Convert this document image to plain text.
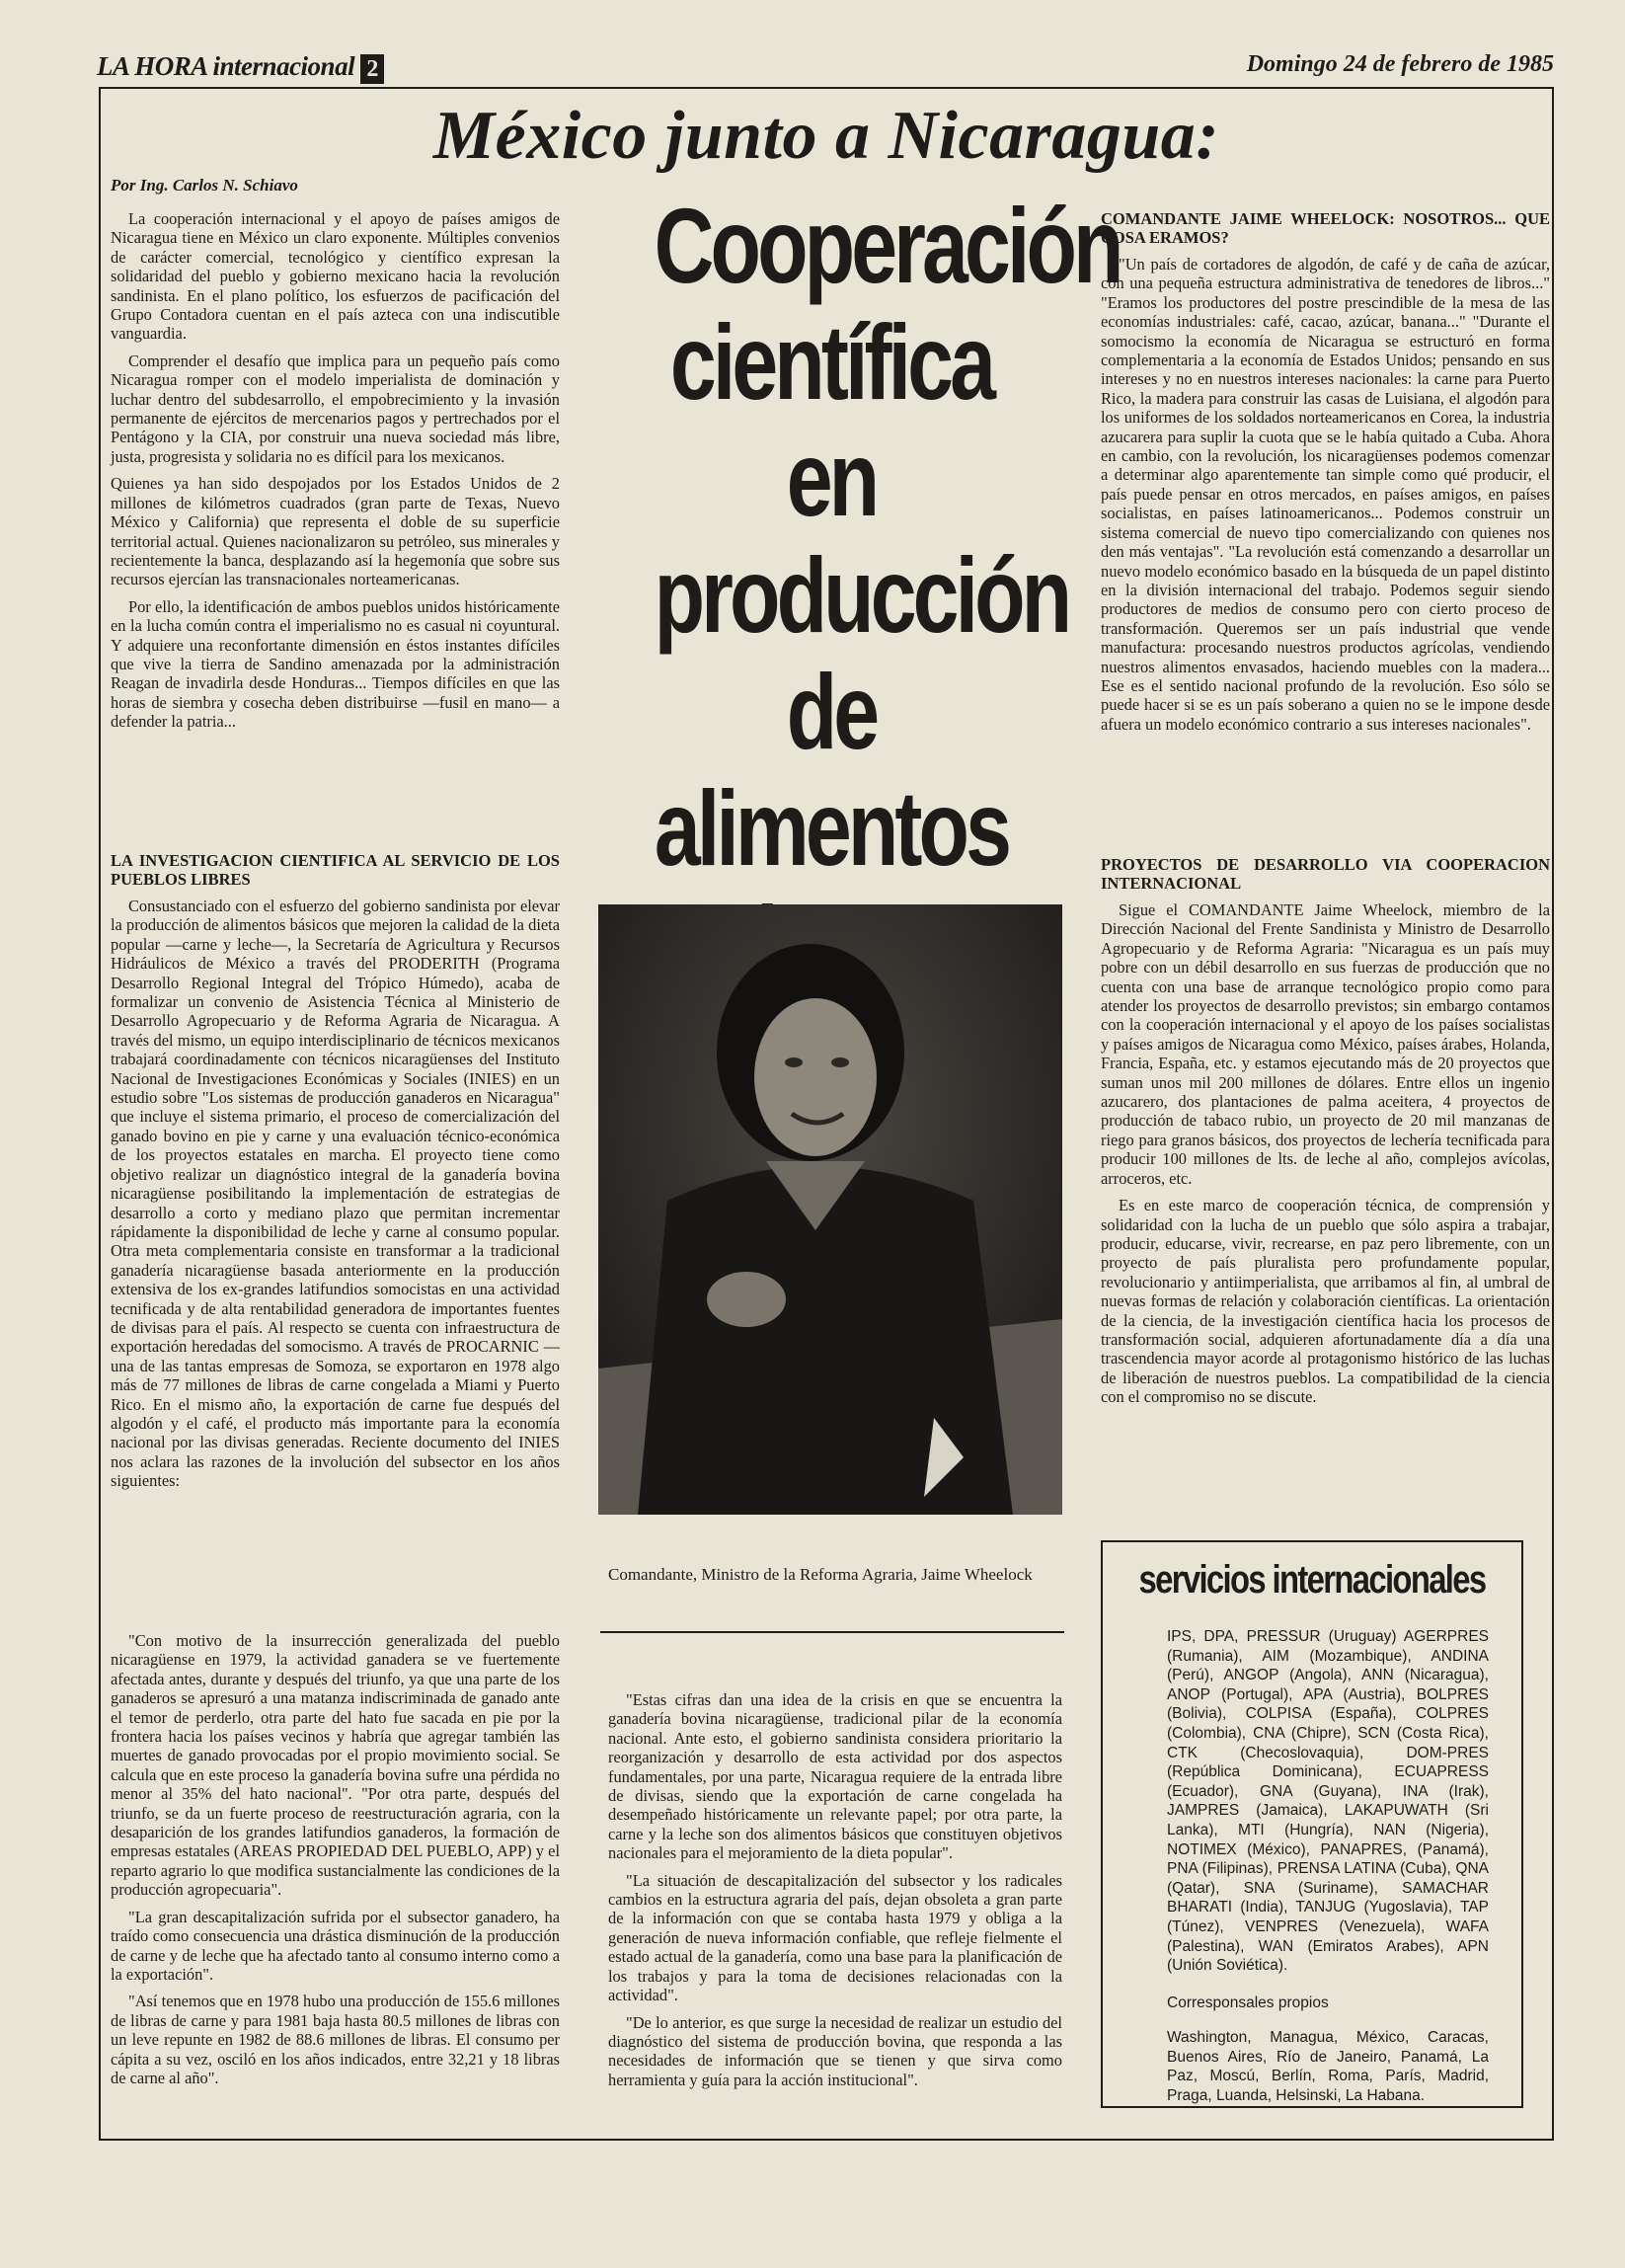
LA HORA internacional 2	Domingo 24 de febrero de 1985
México junto a Nicaragua:
Por Ing. Carlos N. Schiavo

La cooperación internacional y el apoyo de países amigos de Nicaragua tiene en México un claro exponente. Múltiples convenios de carácter comercial, tecnológico y científico expresan la solidaridad del pueblo y gobierno mexicano hacia la revolución sandinista. En el plano político, los esfuerzos de pacificación del Grupo Contadora cuentan en el país azteca con una indiscutible vanguardia.

Comprender el desafío que implica para un pequeño país como Nicaragua romper con el modelo imperialista de dominación y luchar dentro del subdesarrollo, el empobrecimiento y la invasión permanente de ejércitos de mercenarios pagos y pertrechados por el Pentágono y la CIA, por construir una nueva sociedad más libre, justa, progresista y solidaria no es difícil para los mexicanos.

Quienes ya han sido despojados por los Estados Unidos de 2 millones de kilómetros cuadrados (gran parte de Texas, Nuevo México y California) que representa el doble de su superficie territorial actual. Quienes nacionalizaron su petróleo, sus minerales y recientemente la banca, desplazando así la hegemonía que sobre sus recursos ejercían las transnacionales norteamericanas.

Por ello, la identificación de ambos pueblos unidos históricamente en la lucha común contra el imperialismo no es casual ni coyuntural. Y adquiere una reconfortante dimensión en éstos instantes difíciles que vive la tierra de Sandino amenazada por la administración Reagan de invadirla desde Honduras... Tiempos difíciles en que las horas de siembra y cosecha deben distribuirse —fusil en mano— a defender la patria...

LA INVESTIGACION CIENTIFICA AL SERVICIO DE LOS PUEBLOS LIBRES

Consustanciado con el esfuerzo del gobierno sandinista por elevar la producción de alimentos básicos que mejoren la calidad de la dieta popular —carne y leche—, la Secretaría de Agricultura y Recursos Hidráulicos de México a través del PRODERITH (Programa Desarrollo Regional Integral del Trópico Húmedo), acaba de formalizar un convenio de Asistencia Técnica al Ministerio de Desarrollo Agropecuario y de Reforma Agraria de Nicaragua. A través del mismo, un equipo interdisciplinario de técnicos mexicanos trabajará coordinadamente con técnicos nicaragüenses del Instituto Nacional de Investigaciones Económicas y Sociales (INIES) en un estudio sobre "Los sistemas de producción ganaderos en Nicaragua" que incluye el sistema primario, el proceso de comercialización del ganado bovino en pie y carne y una evaluación técnico-económica de los proyectos estatales en marcha. El proyecto tiene como objetivo realizar un diagnóstico integral de la ganadería bovina nicaragüense posibilitando la implementación de estrategias de desarrollo a corto y mediano plazo que permitan incrementar rápidamente la disponibilidad de leche y carne al consumo popular. Otra meta complementaria consiste en transformar a la tradicional ganadería nicaragüense basada anteriormente en la producción extensiva de los ex-grandes latifundios somocistas en una actividad tecnificada y de alta rentabilidad generadora de importantes fuentes de divisas para el país. Al respecto se cuenta con infraestructura de exportación heredadas del somocismo. A través de PROCARNIC —una de las tantas empresas de Somoza, se exportaron en 1978 algo más de 77 millones de libras de carne congelada a Miami y Puerto Rico. En el mismo año, la exportación de carne fue después del algodón y el café, el producto más importante para la economía nacional por las divisas generadas. Reciente documento del INIES nos aclara las razones de la involución del subsector en los años siguientes:

"Con motivo de la insurrección generalizada del pueblo nicaragüense en 1979, la actividad ganadera se ve fuertemente afectada antes, durante y después del triunfo, ya que una parte de los ganaderos se apresuró a una matanza indiscriminada de ganado ante el temor de perderlo, otra parte del hato fue sacada en pie por la frontera hacia los países vecinos y habría que agregar también las muertes de ganado provocadas por el propio movimiento social. Se calcula que en este proceso la ganadería bovina sufre una pérdida no menor al 35% del hato nacional". "Por otra parte, después del triunfo, se da un fuerte proceso de reestructuración agraria, con la desaparición de los grandes latifundios ganaderos, la formación de empresas estatales (AREAS PROPIEDAD DEL PUEBLO, APP) y el reparto agrario lo que modifica sustancialmente las condiciones de la producción agropecuaria".

"La gran descapitalización sufrida por el subsector ganadero, ha traído como consecuencia una drástica disminución de la producción de carne y de leche que ha afectado tanto al consumo interno como a la exportación".

"Así tenemos que en 1978 hubo una producción de 155.6 millones de libras de carne y para 1981 baja hasta 80.5 millones de libras con un leve repunte en 1982 de 88.6 millones de libras. El consumo per cápita a su vez, osciló en los años indicados, entre 32,21 y 18 libras de carne al año".

Cooperación
científica en
producción
de alimentos
Comandante, Ministro de la Reforma Agraria, Jaime Wheelock

"Estas cifras dan una idea de la crisis en que se encuentra la ganadería bovina nicaragüense, tradicional pilar de la economía nacional. Ante esto, el gobierno sandinista considera prioritario la reorganización y desarrollo de esta actividad por dos aspectos fundamentales, por una parte, Nicaragua requiere de la entrada libre de divisas, siendo que la exportación de carne congelada ha desempeñado históricamente un relevante papel; por otra parte, la carne y la leche son dos alimentos básicos que constituyen objetivos nacionales para el mejoramiento de la dieta popular".

"La situación de descapitalización del subsector y los radicales cambios en la estructura agraria del país, dejan obsoleta a gran parte de la información con que se contaba hasta 1979 y obliga a la generación de nueva información confiable, que refleje fielmente el estado actual de la ganadería, como una base para la planificación de los trabajos y para la toma de decisiones relacionadas con la actividad".

"De lo anterior, es que surge la necesidad de realizar un estudio del diagnóstico del sistema de producción bovina, que responda a las necesidades de información que se tienen y que sirva como herramienta y guía para la acción institucional".

COMANDANTE JAIME WHEELOCK: NOSOTROS... QUE COSA ERAMOS?

"Un país de cortadores de algodón, de café y de caña de azúcar, con una pequeña estructura administrativa de tenedores de libros..." "Eramos los productores del postre prescindible de la mesa de las economías industriales: café, cacao, azúcar, banana..." "Durante el somocismo la economía de Nicaragua se estructuró en forma complementaria a la economía de Estados Unidos; pensando en sus intereses y no en nuestros intereses nacionales: la carne para Puerto Rico, la madera para construir las casas de Luisiana, el algodón para los uniformes de los soldados norteamericanos en Corea, la industria azucarera para suplir la cuota que se le había quitado a Cuba. Ahora en cambio, con la revolución, los nicaragüenses podemos comenzar a determinar algo aparentemente tan simple como qué producir, el país puede pensar en otros mercados, en países amigos, en países socialistas, en países latinoamericanos... Podemos construir un sistema comercial de nuevo tipo comercializando con quienes nos den más ventajas". "La revolución está comenzando a desarrollar un nuevo modelo económico basado en la búsqueda de un papel distinto en la división internacional del trabajo. Podemos seguir siendo productores de medios de consumo pero con cierto proceso de transformación. Queremos ser un país industrial que vende manufactura: procesando nuestros productos agrícolas, vendiendo nuestros alimentos envasados, haciendo muebles con la madera... Ese es el sentido nacional profundo de la revolución. Eso sólo se puede hacer si se es un país soberano a quien no se le impone desde afuera un modelo económico contrario a sus intereses nacionales".

PROYECTOS DE DESARROLLO VIA COOPERACION INTERNACIONAL

Sigue el COMANDANTE Jaime Wheelock, miembro de la Dirección Nacional del Frente Sandinista y Ministro de Desarrollo Agropecuario y de Reforma Agraria: "Nicaragua es un país muy pobre con un débil desarrollo en sus fuerzas de producción que no cuenta con una base de arranque tecnológico propio como para atender los proyectos de desarrollo previstos; sin embargo contamos con la cooperación internacional y el apoyo de los países socialistas y países amigos de Nicaragua como México, países árabes, Holanda, Francia, España, etc. y estamos ejecutando más de 20 proyectos que suman unos mil 200 millones de dólares. Entre ellos un ingenio azucarero, dos plantaciones de palma aceitera, 4 proyectos de producción de tabaco rubio, un proyecto de 20 mil manzanas de riego para granos básicos, dos proyectos de lechería tecnificada para producir 100 millones de lts. de leche al año, complejos avícolas, arroceros, etc.

Es en este marco de cooperación técnica, de comprensión y solidaridad con la lucha de un pueblo que sólo aspira a trabajar, producir, educarse, vivir, recrearse, en paz pero libremente, con un proyecto de país pluralista pero profundamente popular, revolucionario y antiimperialista, que arribamos al fin, al umbral de nuevas formas de relación y colaboración científicas. La orientación de la ciencia, de la investigación científica hacia los procesos de transformación social, adquieren afortunadamente día a día una trascendencia mayor acorde al protagonismo histórico de las luchas de liberación de nuestros pueblos. La compatibilidad de la ciencia con el compromiso no se discute.

servicios internacionales
IPS, DPA, PRESSUR (Uruguay) AGERPRES (Rumania), AIM (Mozambique), ANDINA (Perú), ANGOP (Angola), ANN (Nicaragua), ANOP (Portugal), APA (Austria), BOLPRES (Bolivia), COLPISA (España), COLPRES (Colombia), CNA (Chipre), SCN (Costa Rica), CTK (Checoslovaquia), DOM-PRES (República Dominicana), ECUAPRESS (Ecuador), GNA (Guyana), INA (Irak), JAMPRES (Jamaica), LAKAPUWATH (Sri Lanka), MTI (Hungría), NAN (Nigeria), NOTIMEX (México), PANAPRES, (Panamá), PNA (Filipinas), PRENSA LATINA (Cuba), QNA (Qatar), SNA (Suriname), SAMACHAR BHARATI (India), TANJUG (Yugoslavia), TAP (Túnez), VENPRES (Venezuela), WAFA (Palestina), WAN (Emiratos Arabes), APN (Unión Soviética).
Corresponsales propios
Washington, Managua, México, Caracas, Buenos Aires, Río de Janeiro, Panamá, La Paz, Moscú, Berlín, Roma, París, Madrid, Praga, Luanda, Helsinski, La Habana.
